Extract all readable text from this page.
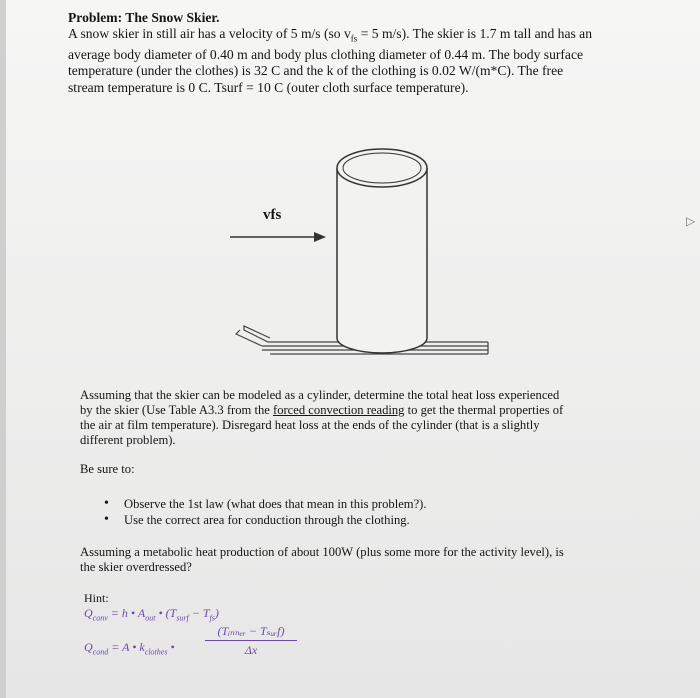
Problem: The Snow Skier.
A snow skier in still air has a velocity of 5 m/s (so $v_{fs} = 5$ m/s). The skier is 1.7 m tall and has an
average body diameter of 0.40 m and body plus clothing diameter of 0.44 m. The body surface
temperature (under the clothes) is 32 C and the k of the clothing is 0.02 W/(m*C). The free
stream temperature is 0 C. Tsurf = 10 C (outer cloth surface temperature).
vfs	▷
Assuming that the skier can be modeled as a cylinder, determine the total heat loss experienced
by the skier (Use Table A3.3 from the forced convection reading to get the thermal properties of
the air at film temperature). Disregard heat loss at the ends of the cylinder (that is a slightly
different problem).
Be sure to:
• Observe the 1st law (what does that mean in this problem?).
• Use the correct area for conduction through the clothing.
Assuming a metabolic heat production of about 100W (plus some more for the activity level), is
the skier overdressed?
Hint:
$Q_{conv} = h$ • $A_{out}$ • $(T_{surf} - T_{fs})$
$Q_{cond} = A$ • $k_{clothes}$ •
(Tᵢₙₙₑᵣ − Tₛᵤᵣf)
Δx
